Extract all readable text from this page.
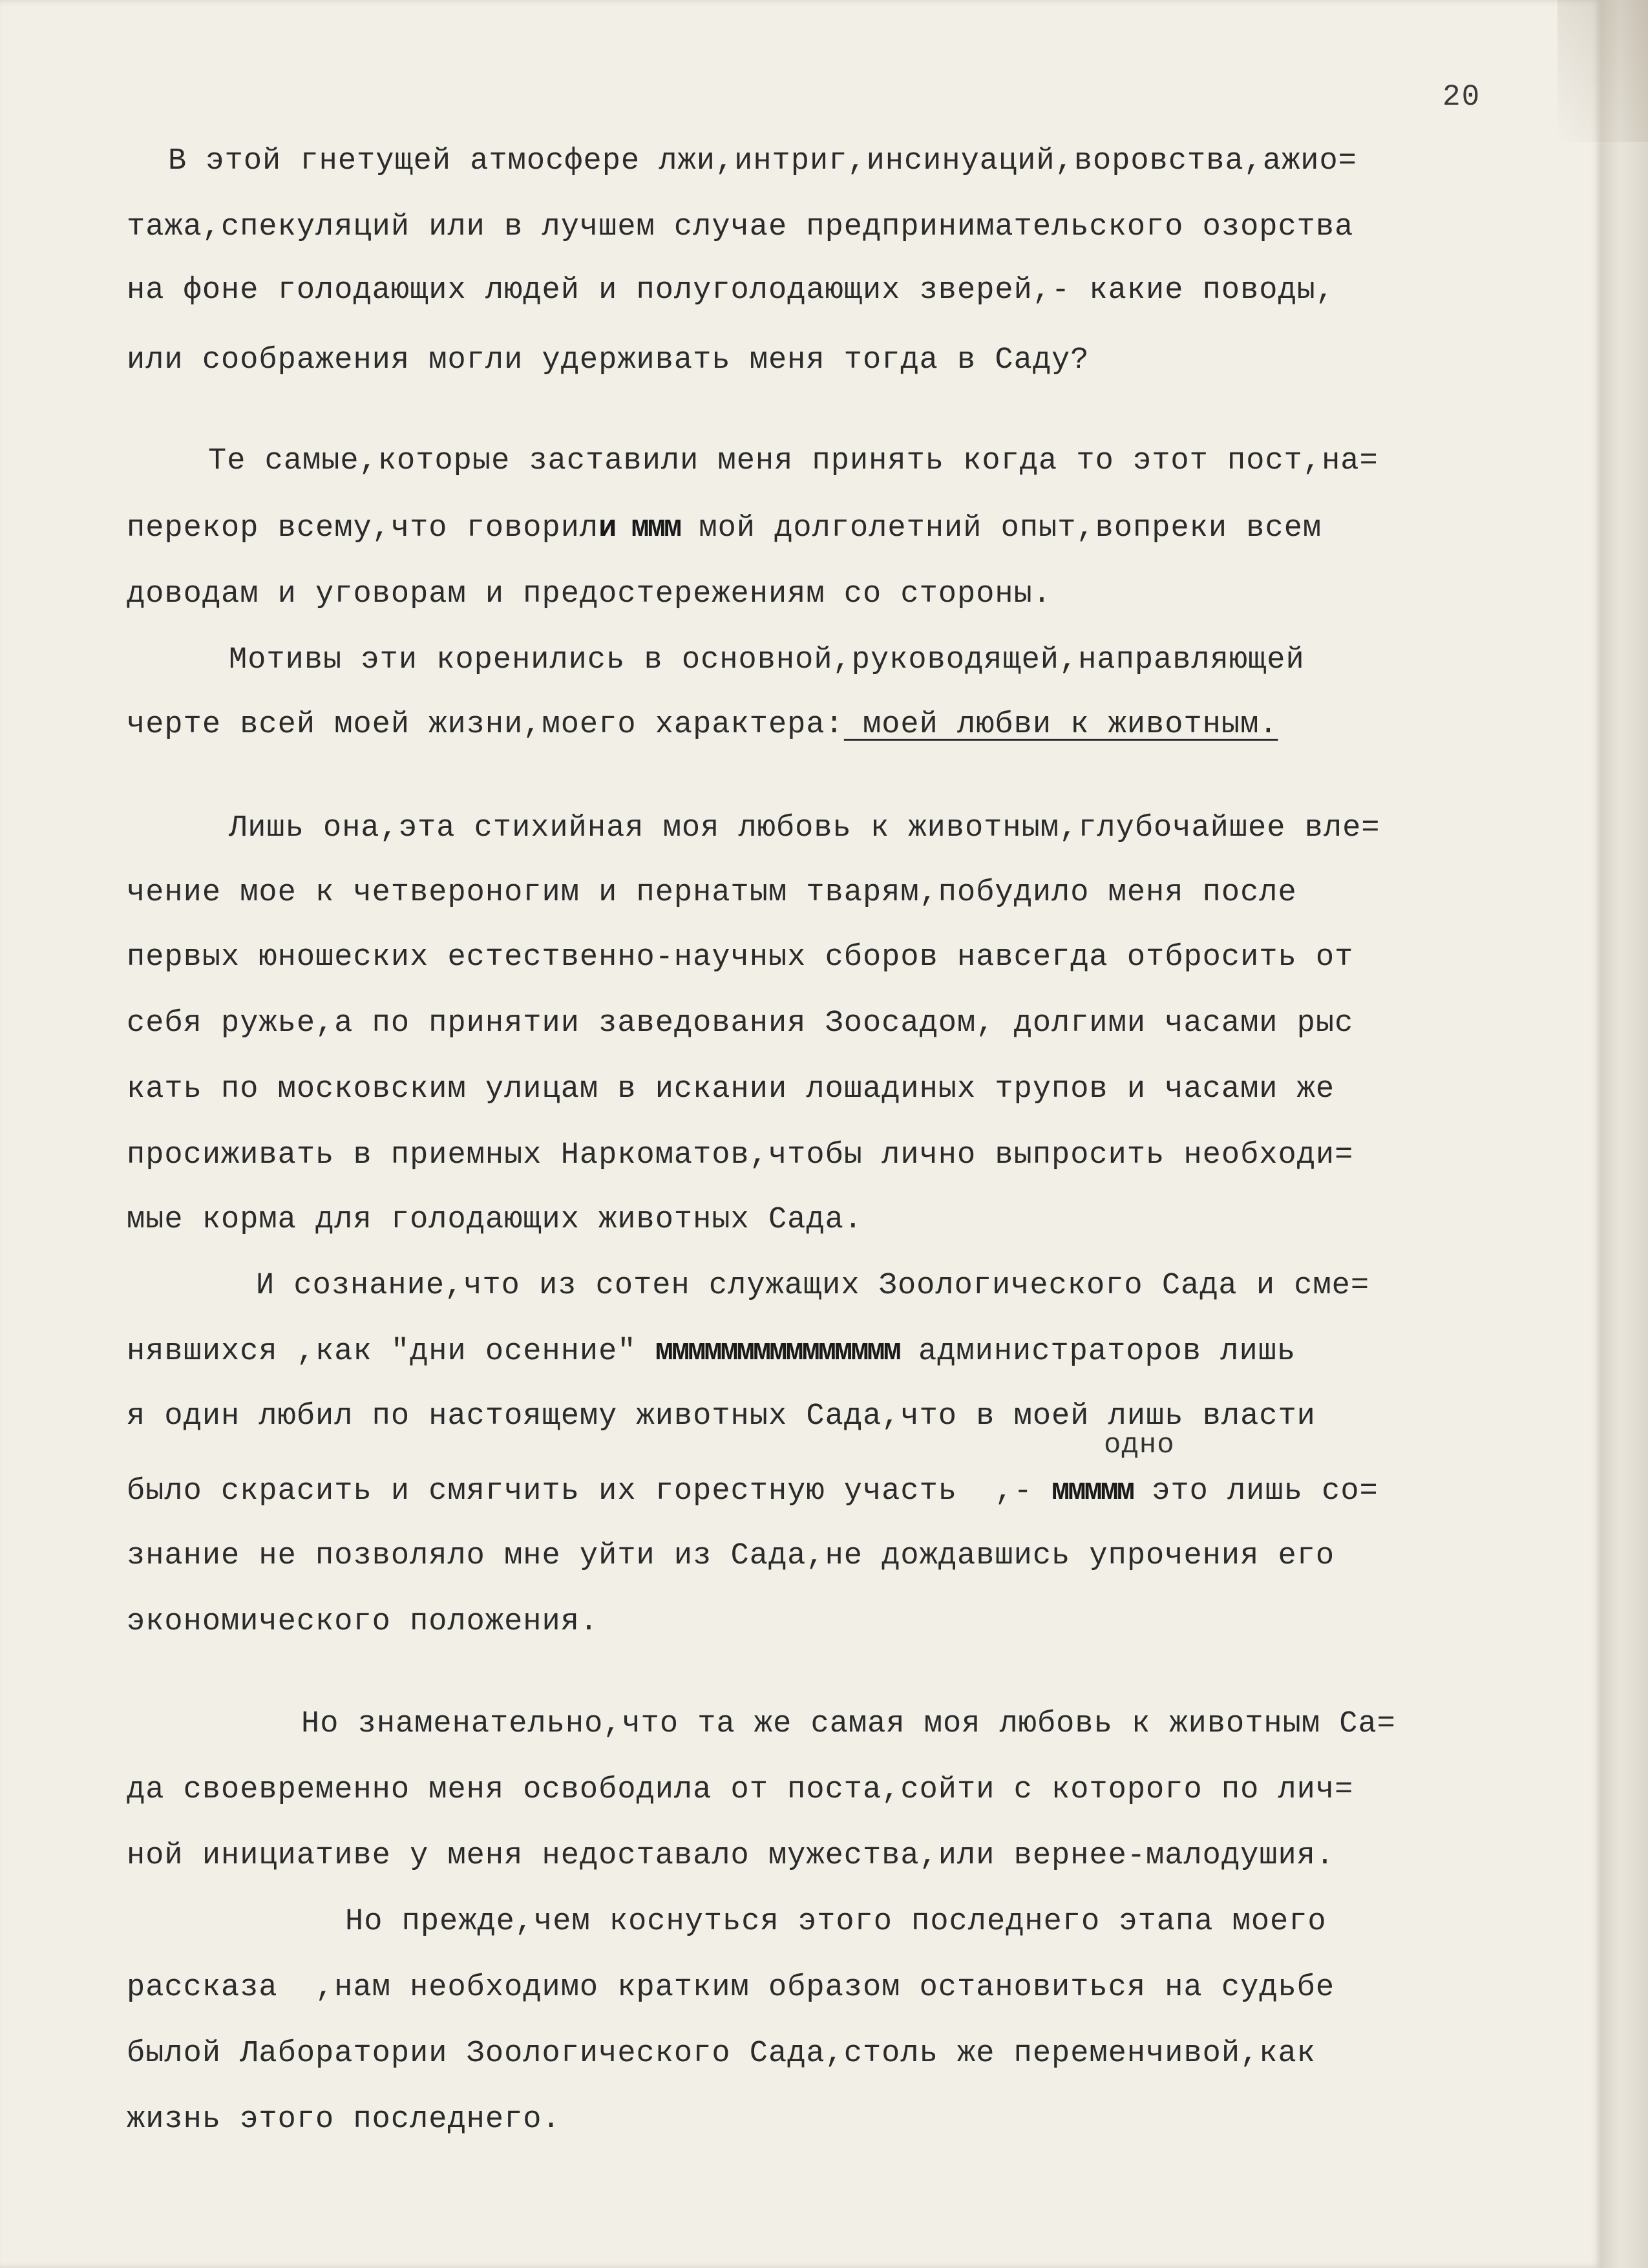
20
В этой гнетущей атмосфере лжи,интриг,инсинуаций,воровства,ажио=
тажа,спекуляций или в лучшем случае предпринимательского озорства
на фоне голодающих людей и полуголодающих зверей,- какие поводы,
или соображения могли удерживать меня тогда в Саду?
Те самые,которые заставили меня принять когда то этот пост,на=
перекор всему,что говорили ммм мой долголетний опыт,вопреки всем
доводам и уговорам и предостережениям со стороны.
Мотивы эти коренились в основной,руководящей,направляющей
черте всей моей жизни,моего характера: моей любви к животным.
Лишь она,эта стихийная моя любовь к животным,глубочайшее вле=
чение мое к четвероногим и пернатым тварям,побудило меня после
первых юношеских естественно-научных сборов навсегда отбросить от
себя ружье,а по принятии заведования Зоосадом, долгими часами рыс
кать по московским улицам в искании лошадиных трупов и часами же
просиживать в приемных Наркоматов,чтобы лично выпросить необходи=
мые корма для голодающих животных Сада.
И сознание,что из сотен служащих Зоологического Сада и сме=
нявшихся ,как "дни осенние" ммммммммммммммм администраторов лишь
я один любил по настоящему животных Сада,что в моей лишь власти
одно
было скрасить и смягчить их горестную участь  ,- ммммм это лишь со=
знание не позволяло мне уйти из Сада,не дождавшись упрочения его
экономического положения.
Но знаменательно,что та же самая моя любовь к животным Са=
да своевременно меня освободила от поста,сойти с которого по лич=
ной инициативе у меня недоставало мужества,или вернее-малодушия.
Но прежде,чем коснуться этого последнего этапа моего
рассказа  ,нам необходимо кратким образом остановиться на судьбе
былой Лаборатории Зоологического Сада,столь же переменчивой,как
жизнь этого последнего.
